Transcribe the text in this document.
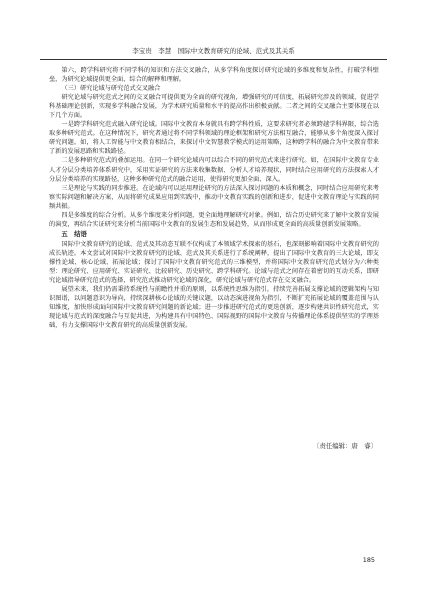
李宝贵　李慧　国际中文教育研究的论域、范式及其关系

第六，跨学科研究将不同学科的知识和方法交叉融合，从多学科角度探讨研究论域的多维度和复杂性，打破学科壁垒，为研究论域提供更全面、综合的解释和理解。

（三）研究论域与研究范式交叉融合

研究论域与研究范式之间的交叉融合可提供更为全面的研究视角，增强研究的可信度，拓展研究涉及的领域，促进学科基础理论创新，实现多学科融合发展，为学术研究质量和水平的提高作出积极贡献。二者之间的交叉融合主要体现在以下几个方面。

一是跨学科研究范式融入研究论域。国际中文教育本身就具有跨学科性质，这要求研究者必须跨越学科界限，综合选取多种研究范式。在这种情况下，研究者通过将不同学科领域的理论框架和研究方法相互融合，能够从多个角度深入探讨研究问题。如，将人工智能与中文教育相结合，来探讨中文智慧教学模式的运用策略，这种跨学科的融合为中文教育带来了新的发展思路和实践路径。

二是多种研究范式的叠加运用。在同一个研究论域内可以综合不同的研究范式来进行研究。如，在国际中文教育专业人才分层分类培养体系研究中，采用实证研究的方法来收集数据、分析人才培养现状，同时结合应用研究的方法探索人才分层分类培养的实现路径，这种多种研究范式的融合运用，使得研究更加全面、深入。

三是理论与实践的同步推进。在论域内可以运用理论研究的方法深入探讨问题的本质和概念，同时结合应用研究来考察实际问题和解决方案，从而将研究成果应用到实践中，推动中文教育实践的创新和进步，促进中文教育理论与实践的同频共振。

四是多维度的综合分析。从多个维度来分析问题，更全面地理解研究对象。例如，结合历史研究来了解中文教育发展的演变，再结合实证研究来分析当前国际中文教育的发展生态和发展趋势，从而形成更全面的高质量创新发展策略。

五　结语

国际中文教育研究的论域、范式及其动态互联不仅构成了本领域学术探索的基石，也深刻影响着国际中文教育研究的成长轨迹。本文尝试对国际中文教育研究的论域、范式及其关系进行了系统阐释，提出了国际中文教育的三大论域，即支撑性论域、核心论域、拓展论域；探讨了国际中文教育研究范式的三维模型，并将国际中文教育研究范式划分为六种类型：理论研究、应用研究、实证研究、比较研究、历史研究、跨学科研究。论域与范式之间存在着密切的互动关系，即研究论域指导研究范式的选择，研究范式推动研究论域的深化，研究论域与研究范式存在交叉融合。

展望未来，我们仍需秉持系统性与前瞻性并重的原则，以系统性思维为指引，持续完善拓展支撑论域的逻辑架构与知识图谱，以问题意识为导向，持续深耕核心论域的关键议题，以动态演进视角为指引，不断扩充拓展论域的覆盖范围与认知维度，加快形成面向国际中文教育研究问题的新论域；进一步推进研究范式的更迭创新，逐步构建共识性研究范式，实现论域与范式的深度融合与互促共进，为构建具有中国特色、国际视野的国际中文教育与传播理论体系提供坚实的学理基础，有力支撑国际中文教育研究的高质量创新发展。

〔责任编辑：唐　睿〕
185
